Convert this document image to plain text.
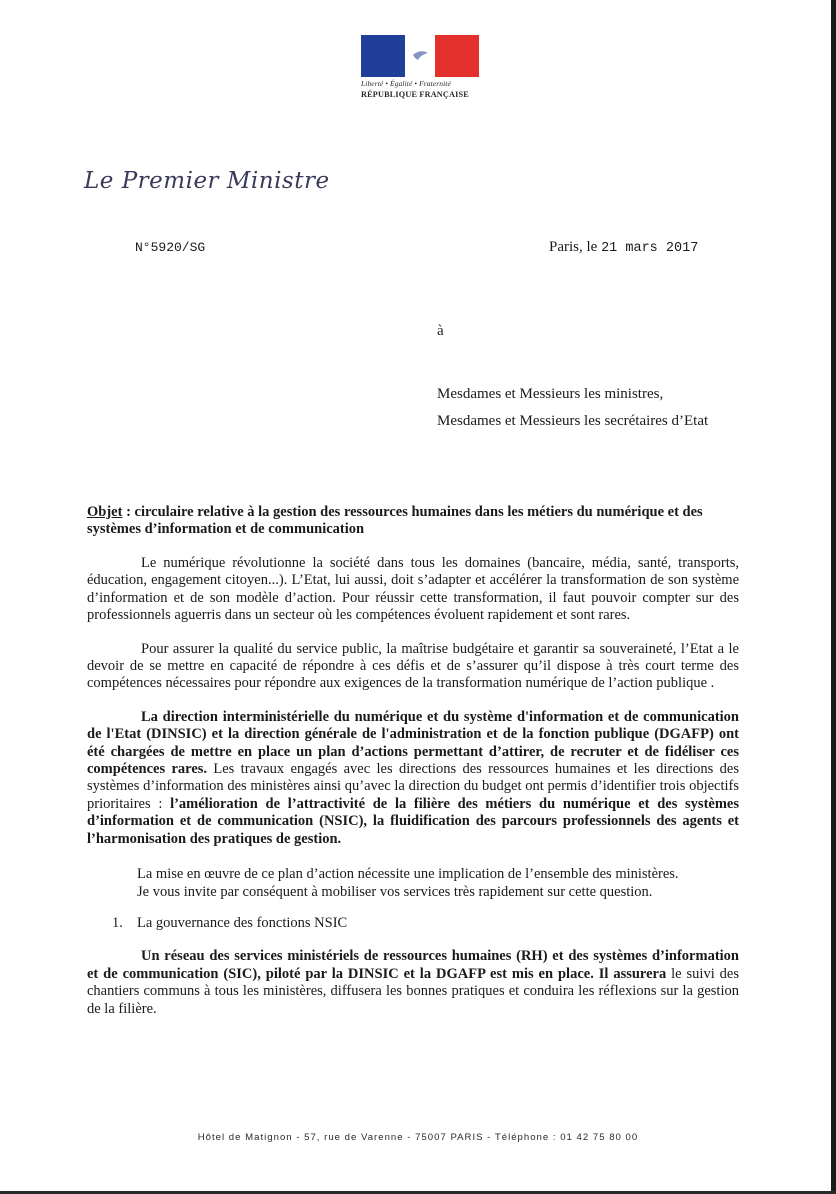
Liberté • Égalité • Fraternité
RÉPUBLIQUE FRANÇAISE
Le Premier Ministre
N°5920/SG	Paris, le 21 mars 2017
à
Mesdames et Messieurs les ministres,
Mesdames et Messieurs les secrétaires d’Etat
Objet : circulaire relative à la gestion des ressources humaines dans les métiers du numérique et des systèmes d’information et de communication

Le numérique révolutionne la société dans tous les domaines (bancaire, média, santé, transports, éducation, engagement citoyen...). L’Etat, lui aussi, doit s’adapter et accélérer la transformation de son système d’information et de son modèle d’action. Pour réussir cette transformation, il faut pouvoir compter sur des professionnels aguerris dans un secteur où les compétences évoluent rapidement et sont rares.

Pour assurer la qualité du service public, la maîtrise budgétaire et garantir sa souveraineté, l’Etat a le devoir de se mettre en capacité de répondre à ces défis et de s’assurer qu’il dispose à très court terme des compétences nécessaires pour répondre aux exigences de la transformation numérique de l’action publique .

La direction interministérielle du numérique et du système d'information et de communication de l'Etat (DINSIC) et la direction générale de l'administration et de la fonction publique (DGAFP) ont été chargées de mettre en place un plan d’actions permettant d’attirer, de recruter et de fidéliser ces compétences rares. Les travaux engagés avec les directions des ressources humaines et les directions des systèmes d’information des ministères ainsi qu’avec la direction du budget ont permis d’identifier trois objectifs prioritaires : l’amélioration de l’attractivité de la filière des métiers du numérique et des systèmes d’information et de communication (NSIC), la fluidification des parcours professionnels des agents et l’harmonisation des pratiques de gestion.

La mise en œuvre de ce plan d’action nécessite une implication de l’ensemble des ministères.
Je vous invite par conséquent à mobiliser vos services très rapidement sur cette question.

1. La gouvernance des fonctions NSIC

Un réseau des services ministériels de ressources humaines (RH) et des systèmes d’information et de communication (SIC), piloté par la DINSIC et la DGAFP est mis en place. Il assurera le suivi des chantiers communs à tous les ministères, diffusera les bonnes pratiques et conduira les réflexions sur la gestion de la filière.

Hôtel de Matignon - 57, rue de Varenne - 75007 PARIS - Téléphone : 01 42 75 80 00
